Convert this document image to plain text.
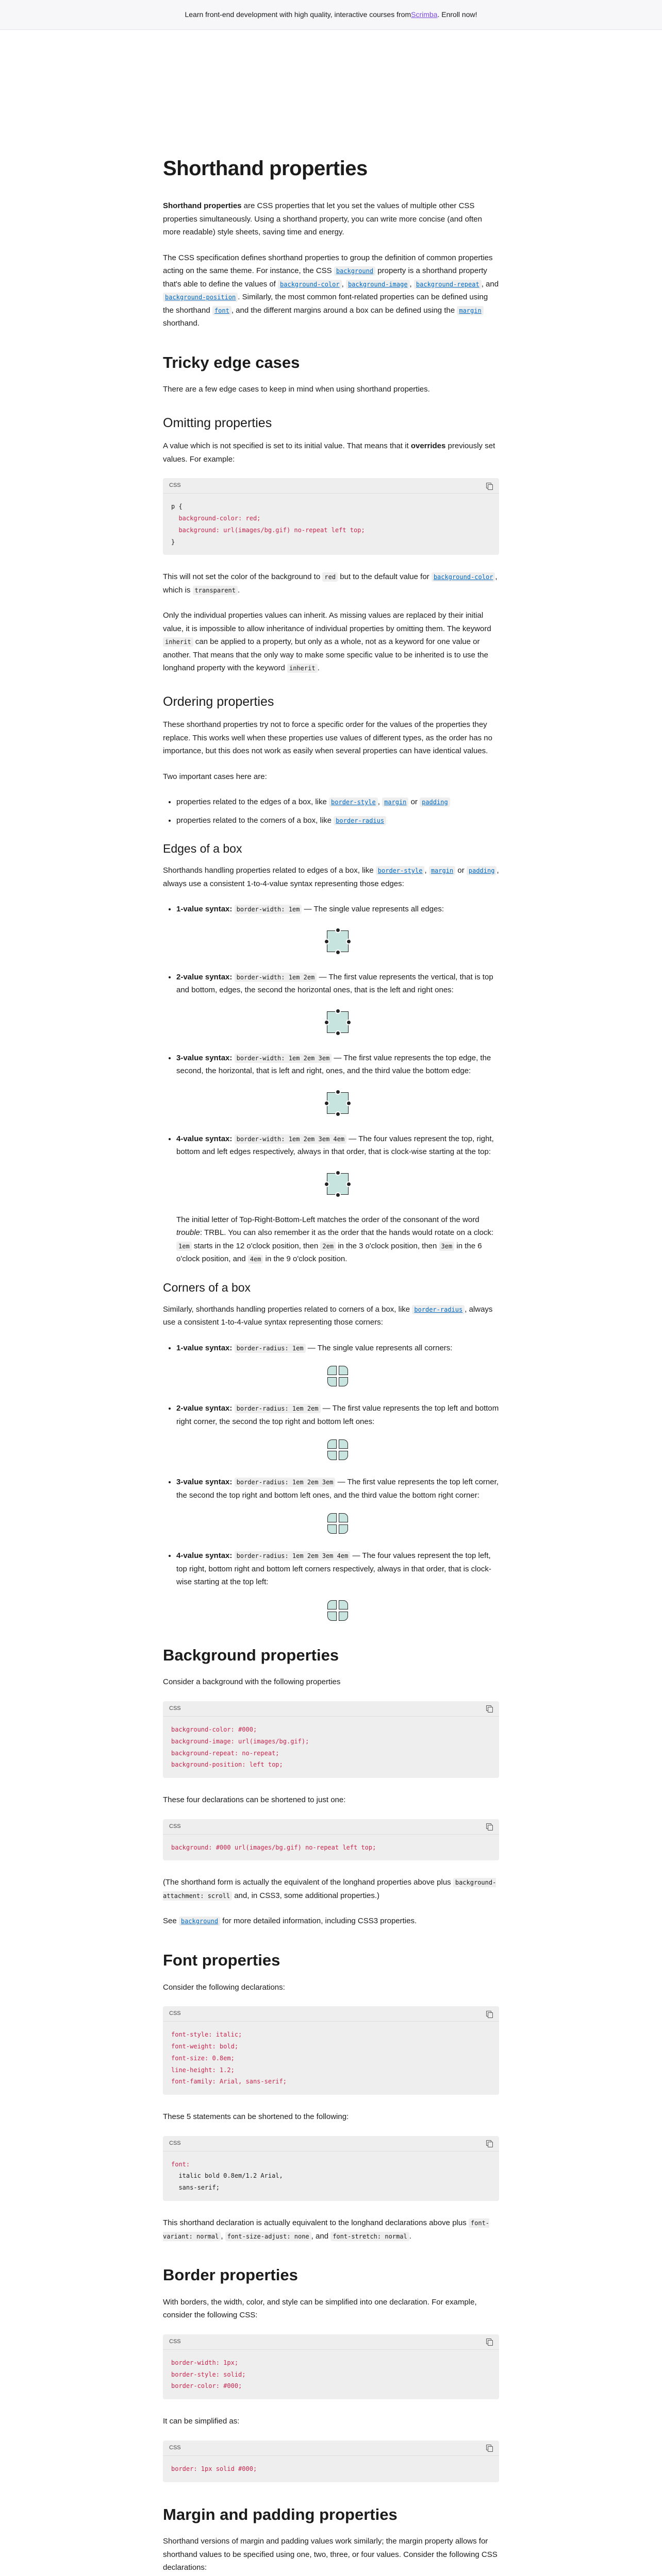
Learn front-end development with high quality, interactive courses from Scrimba . Enroll now!
Shorthand properties

Shorthand properties are CSS properties that let you set the values of multiple other CSS properties simultaneously. Using a shorthand property, you can write more concise (and often more readable) style sheets, saving time and energy.

The CSS specification defines shorthand properties to group the definition of common properties acting on the same theme. For instance, the CSS background property is a shorthand property that's able to define the values of background-color , background-image , background-repeat , and background-position . Similarly, the most common font-related properties can be defined using the shorthand font , and the different margins around a box can be defined using the margin shorthand.

Tricky edge cases

There are a few edge cases to keep in mind when using shorthand properties.

Omitting properties

A value which is not specified is set to its initial value. That means that it overrides previously set values. For example:

CSS
p {
background-color: red;
background: url(images/bg.gif) no-repeat left top;
}

This will not set the color of the background to red but to the default value for background-color , which is transparent .

Only the individual properties values can inherit. As missing values are replaced by their initial value, it is impossible to allow inheritance of individual properties by omitting them. The keyword inherit can be applied to a property, but only as a whole, not as a keyword for one value or another. That means that the only way to make some specific value to be inherited is to use the longhand property with the keyword inherit .

Ordering properties

These shorthand properties try not to force a specific order for the values of the properties they replace. This works well when these properties use values of different types, as the order has no importance, but this does not work as easily when several properties can have identical values.

Two important cases here are:

• properties related to the edges of a box, like border-style , margin or padding
• properties related to the corners of a box, like border-radius
Edges of a box

Shorthands handling properties related to edges of a box, like border-style , margin or padding , always use a consistent 1-to-4-value syntax representing those edges:

• 1-value syntax: border-width: 1em — The single value represents all edges:
• 2-value syntax: border-width: 1em 2em — The first value represents the vertical, that is top and bottom, edges, the second the horizontal ones, that is the left and right ones:
• 3-value syntax: border-width: 1em 2em 3em — The first value represents the top edge, the second, the horizontal, that is left and right, ones, and the third value the bottom edge:
• 4-value syntax: border-width: 1em 2em 3em 4em — The four values represent the top, right, bottom and left edges respectively, always in that order, that is clock-wise starting at the top:

The initial letter of Top-Right-Bottom-Left matches the order of the consonant of the word trouble: TRBL. You can also remember it as the order that the hands would rotate on a clock: 1em starts in the 12 o'clock position, then 2em in the 3 o'clock position, then 3em in the 6 o'clock position, and 4em in the 9 o'clock position.

Corners of a box

Similarly, shorthands handling properties related to corners of a box, like border-radius , always use a consistent 1-to-4-value syntax representing those corners:

• 1-value syntax: border-radius: 1em — The single value represents all corners:
• 2-value syntax: border-radius: 1em 2em — The first value represents the top left and bottom right corner, the second the top right and bottom left ones:
• 3-value syntax: border-radius: 1em 2em 3em — The first value represents the top left corner, the second the top right and bottom left ones, and the third value the bottom right corner:
• 4-value syntax: border-radius: 1em 2em 3em 4em — The four values represent the top left, top right, bottom right and bottom left corners respectively, always in that order, that is clock-wise starting at the top left:
Background properties

Consider a background with the following properties

CSS
background-color: #000;
background-image: url(images/bg.gif);
background-repeat: no-repeat;
background-position: left top;

These four declarations can be shortened to just one:

CSS
background: #000 url(images/bg.gif) no-repeat left top;

(The shorthand form is actually the equivalent of the longhand properties above plus background-attachment: scroll and, in CSS3, some additional properties.)

See background for more detailed information, including CSS3 properties.

Font properties

Consider the following declarations:

CSS
font-style: italic;
font-weight: bold;
font-size: 0.8em;
line-height: 1.2;
font-family: Arial, sans-serif;

These 5 statements can be shortened to the following:

CSS
font:
italic bold 0.8em/1.2 Arial,
sans-serif;

This shorthand declaration is actually equivalent to the longhand declarations above plus font-variant: normal , font-size-adjust: none , and font-stretch: normal .

Border properties

With borders, the width, color, and style can be simplified into one declaration. For example, consider the following CSS:

CSS
border-width: 1px;
border-style: solid;
border-color: #000;

It can be simplified as:

CSS
border: 1px solid #000;
Margin and padding properties

Shorthand versions of margin and padding values work similarly; the margin property allows for shorthand values to be specified using one, two, three, or four values. Consider the following CSS declarations:
